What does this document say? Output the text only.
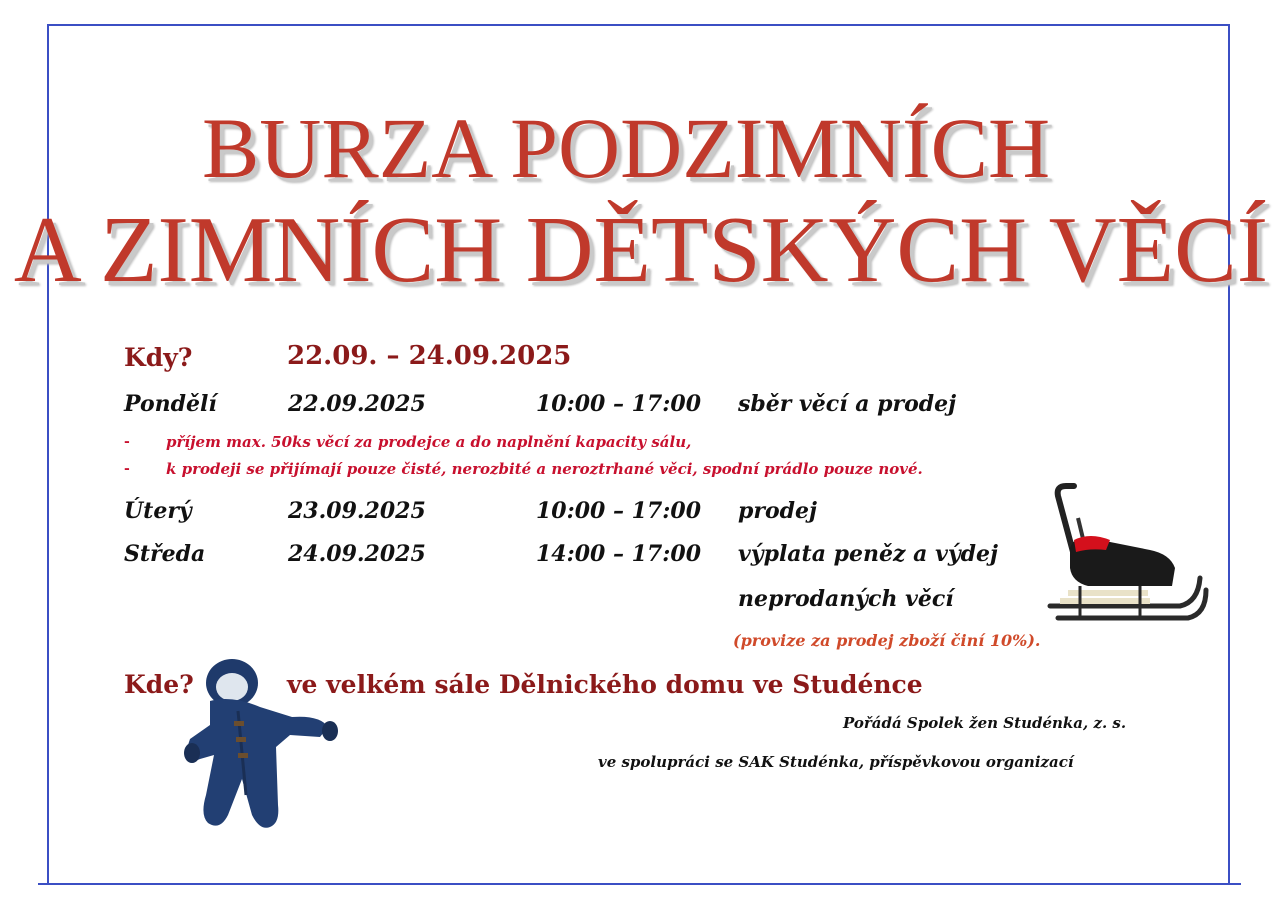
BURZA PODZIMNÍCH
A ZIMNÍCH DĚTSKÝCH VĚCÍ
Kdy?	22.09. – 24.09.2025
Pondělí	22.09.2025	10:00 – 17:00 sběr věcí a prodej
- příjem max. 50ks věcí za prodejce a do naplnění kapacity sálu,
- k prodeji se přijímají pouze čisté, nerozbité a neroztrhané věci, spodní prádlo pouze nové.
Úterý	23.09.2025	10:00 – 17:00 prodej
Středa	24.09.2025	14:00 – 17:00 výplata peněz a výdej
neprodaných věcí
(provize za prodej zboží činí 10%).
Kde?	ve velkém sále Dělnického domu ve Studénce
Pořádá Spolek žen Studénka, z. s.
ve spolupráci se SAK Studénka, příspěvkovou organizací
